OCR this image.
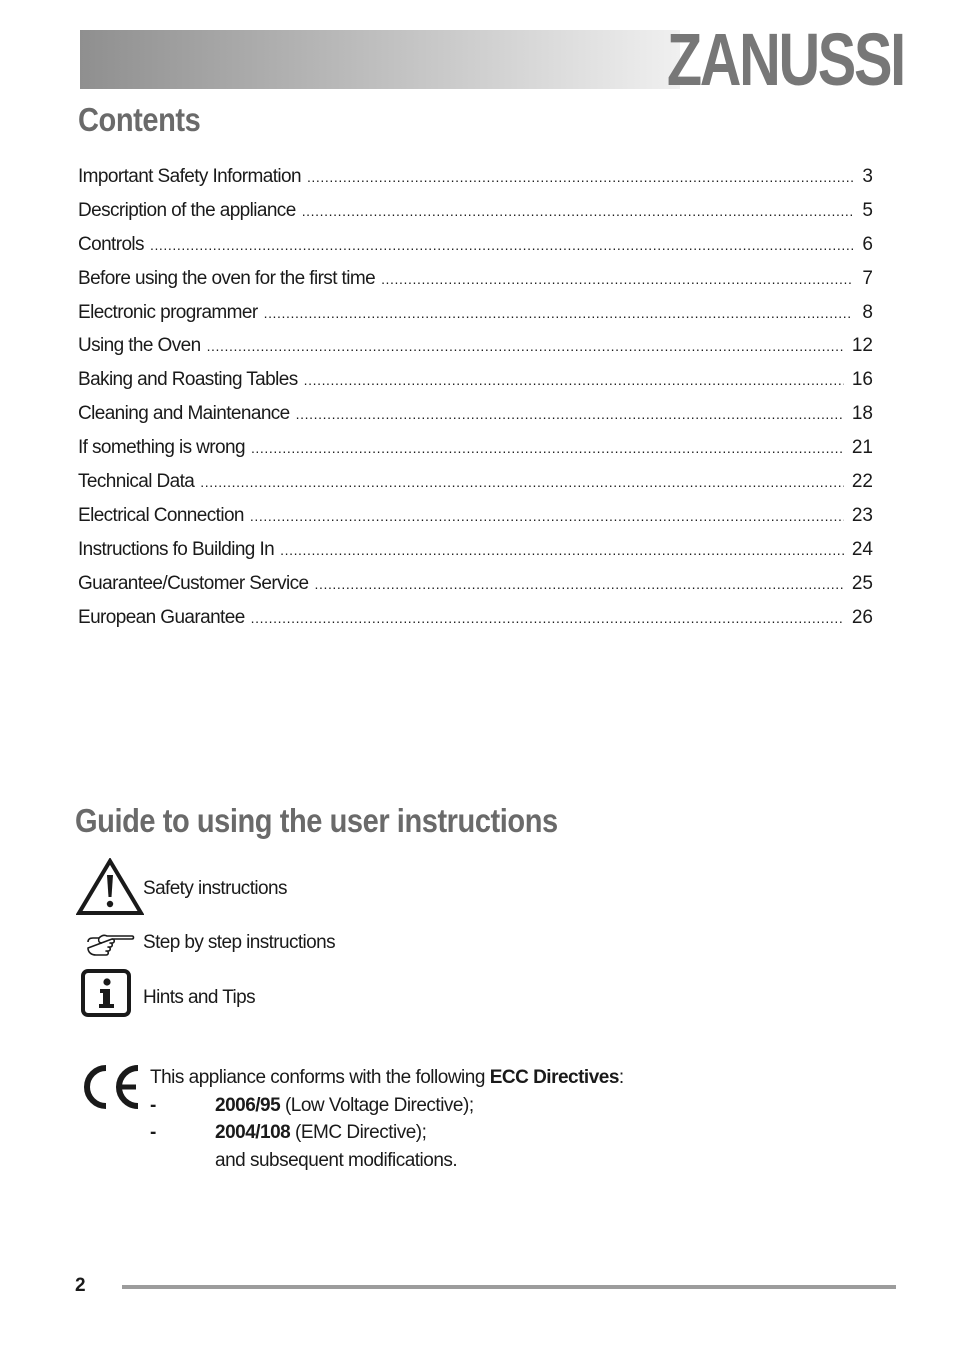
ZANUSSI
Contents
Important Safety Information .....	3
Description of the appliance .....	5
Controls .....	6
Before using the oven for the first time .....	7
Electronic programmer .....	8
Using the Oven .....	12
Baking and Roasting Tables .....	16
Cleaning and Maintenance .....	18
If something is wrong .....	21
Technical Data .....	22
Electrical Connection .....	23
Instructions fo Building In .....	24
Guarantee/Customer Service .....	25
European Guarantee .....	26
Guide to using the user instructions
Safety instructions
Step by step instructions
Hints and Tips
This appliance conforms with the following ECC Directives:
-	2006/95 (Low Voltage Directive);
-	2004/108 (EMC Directive);
and subsequent modifications.
2
